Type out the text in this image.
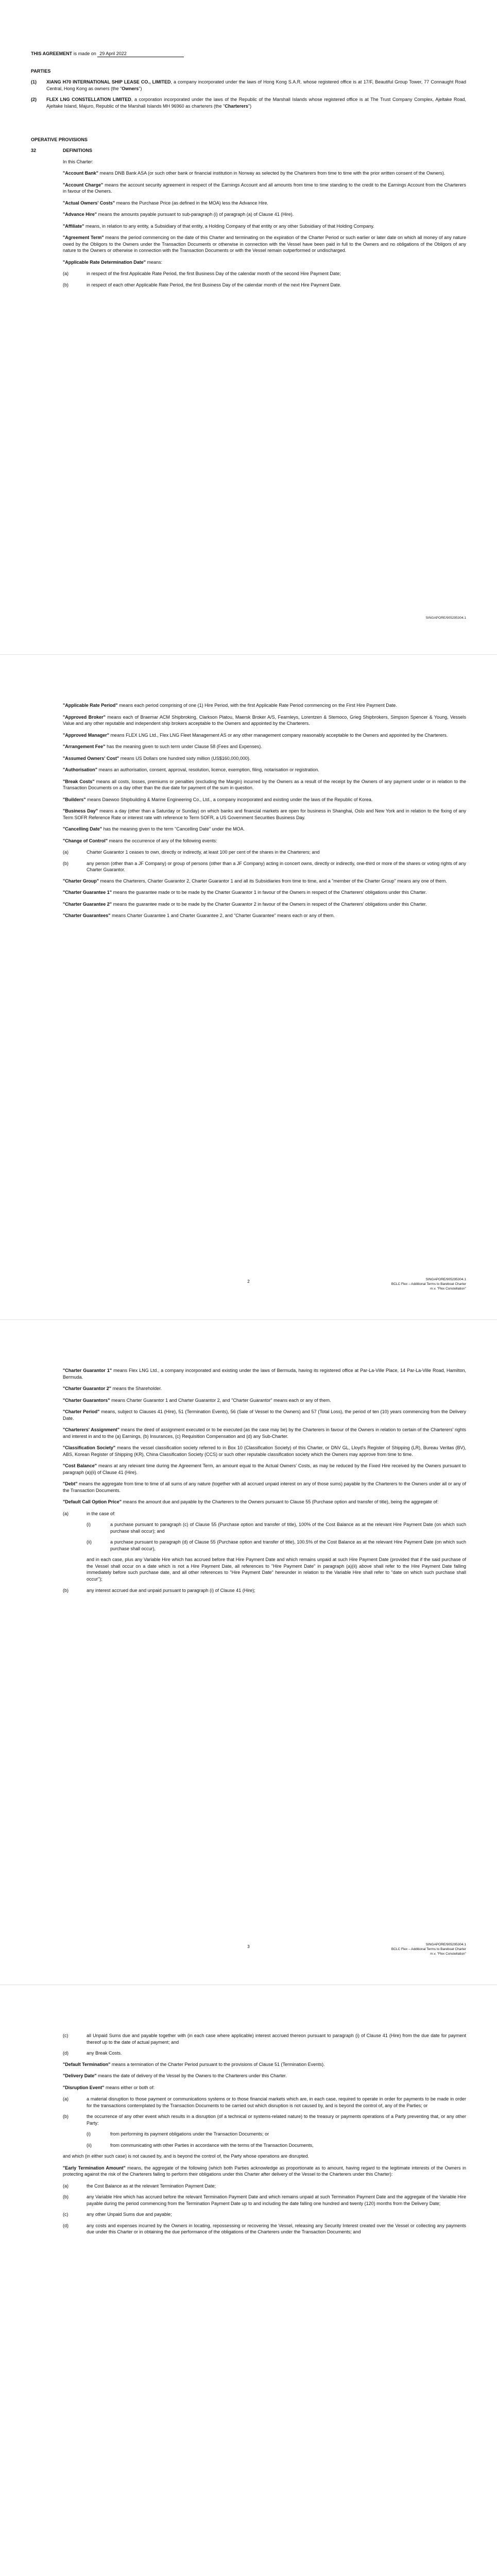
THIS AGREEMENT is made on 29 April 2022

PARTIES
(1)	XIANG H70 INTERNATIONAL SHIP LEASE CO., LIMITED, a company incorporated under the laws of Hong Kong S.A.R. whose registered office is at 17/F, Beautiful Group Tower, 77 Connaught Road Central, Hong Kong as owners (the "Owners")
(2)	FLEX LNG CONSTELLATION LIMITED, a corporation incorporated under the laws of the Republic of the Marshall Islands whose registered office is at The Trust Company Complex, Ajeltake Road, Ajeltake Island, Majuro, Republic of the Marshall Islands MH 96960 as charterers (the "Charterers")
OPERATIVE PROVISIONS
32	DEFINITIONS

In this Charter:

"Account Bank" means DNB Bank ASA (or such other bank or financial institution in Norway as selected by the Charterers from time to time with the prior written consent of the Owners).

"Account Charge" means the account security agreement in respect of the Earnings Account and all amounts from time to time standing to the credit to the Earnings Account from the Charterers in favour of the Owners.

"Actual Owners' Costs" means the Purchase Price (as defined in the MOA) less the Advance Hire.

"Advance Hire" means the amounts payable pursuant to sub-paragraph (i) of paragraph (a) of Clause 41 (Hire).

"Affiliate" means, in relation to any entity, a Subsidiary of that entity, a Holding Company of that entity or any other Subsidiary of that Holding Company.

"Agreement Term" means the period commencing on the date of this Charter and terminating on the expiration of the Charter Period or such earlier or later date on which all money of any nature owed by the Obligors to the Owners under the Transaction Documents or otherwise in connection with the Vessel have been paid in full to the Owners and no obligations of the Obligors of any nature to the Owners or otherwise in connection with the Transaction Documents or with the Vessel remain outperformed or undischarged.

"Applicable Rate Determination Date" means:

(a)	in respect of the first Applicable Rate Period, the first Business Day of the calendar month of the second Hire Payment Date;
(b)	in respect of each other Applicable Rate Period, the first Business Day of the calendar month of the next Hire Payment Date.
SINGAPORE/905295304.1

"Applicable Rate Period" means each period comprising of one (1) Hire Period, with the first Applicable Rate Period commencing on the First Hire Payment Date.

"Approved Broker" means each of Braemar ACM Shipbroking, Clarkson Platou, Maersk Broker A/S, Fearnleys, Lorentzen & Stemoco, Grieg Shipbrokers, Simpson Spencer & Young, Vessels Value and any other reputable and independent ship brokers acceptable to the Owners and appointed by the Charterers.

"Approved Manager" means FLEX LNG Ltd., Flex LNG Fleet Management AS or any other management company reasonably acceptable to the Owners and appointed by the Charterers.

"Arrangement Fee" has the meaning given to such term under Clause 58 (Fees and Expenses).

"Assumed Owners' Cost" means US Dollars one hundred sixty million (US$160,000,000).

"Authorisation" means an authorisation, consent, approval, resolution, licence, exemption, filing, notarisation or registration.

"Break Costs" means all costs, losses, premiums or penalties (excluding the Margin) incurred by the Owners as a result of the receipt by the Owners of any payment under or in relation to the Transaction Documents on a day other than the due date for payment of the sum in question.

"Builders" means Daewoo Shipbuilding & Marine Engineering Co., Ltd., a company incorporated and existing under the laws of the Republic of Korea.

"Business Day" means a day (other than a Saturday or Sunday) on which banks and financial markets are open for business in Shanghai, Oslo and New York and in relation to the fixing of any Term SOFR Reference Rate or interest rate with reference to Term SOFR, a US Government Securities Business Day.

"Cancelling Date" has the meaning given to the term "Cancelling Date" under the MOA.

"Change of Control" means the occurrence of any of the following events:

(a)	Charter Guarantor 1 ceases to own, directly or indirectly, at least 100 per cent of the shares in the Charterers; and
(b)	any person (other than a JF Company) or group of persons (other than a JF Company) acting in concert owns, directly or indirectly, one-third or more of the shares or voting rights of any Charter Guarantor.

"Charter Group" means the Charterers, Charter Guarantor 2, Charter Guarantor 1 and all its Subsidiaries from time to time, and a "member of the Charter Group" means any one of them.

"Charter Guarantee 1" means the guarantee made or to be made by the Charter Guarantor 1 in favour of the Owners in respect of the Charterers' obligations under this Charter.

"Charter Guarantee 2" means the guarantee made or to be made by the Charter Guarantor 2 in favour of the Owners in respect of the Charterers' obligations under this Charter.

"Charter Guarantees" means Charter Guarantee 1 and Charter Guarantee 2, and "Charter Guarantee" means each or any of them.

2	SINGAPORE/905295304.1
BCLC Flex – Additional Terms to Bareboat Charter
m.v. "Flex Constellation"

"Charter Guarantor 1" means Flex LNG Ltd., a company incorporated and existing under the laws of Bermuda, having its registered office at Par-La-Ville Place, 14 Par-La-Ville Road, Hamilton, Bermuda.

"Charter Guarantor 2" means the Shareholder.

"Charter Guarantors" means Charter Guarantor 1 and Charter Guarantor 2, and "Charter Guarantor" means each or any of them.

"Charter Period" means, subject to Clauses 41 (Hire), 51 (Termination Events), 56 (Sale of Vessel to the Owners) and 57 (Total Loss), the period of ten (10) years commencing from the Delivery Date.

"Charterers' Assignment" means the deed of assignment executed or to be executed (as the case may be) by the Charterers in favour of the Owners in relation to certain of the Charterers' rights and interest in and to the (a) Earnings, (b) Insurances, (c) Requisition Compensation and (d) any Sub-Charter.

"Classification Society" means the vessel classification society referred to in Box 10 (Classification Society) of this Charter, or DNV GL, Lloyd's Register of Shipping (LR), Bureau Veritas (BV), ABS, Korean Register of Shipping (KR), China Classification Society (CCS) or such other reputable classification society which the Owners may approve from time to time.

"Cost Balance" means at any relevant time during the Agreement Term, an amount equal to the Actual Owners' Costs, as may be reduced by the Fixed Hire received by the Owners pursuant to paragraph (a)(ii) of Clause 41 (Hire).

"Debt" means the aggregate from time to time of all sums of any nature (together with all accrued unpaid interest on any of those sums) payable by the Charterers to the Owners under all or any of the Transaction Documents.

"Default Call Option Price" means the amount due and payable by the Charterers to the Owners pursuant to Clause 55 (Purchase option and transfer of title), being the aggregate of:

(a)	in the case of:
(i)	a purchase pursuant to paragraph (c) of Clause 55 (Purchase option and transfer of title), 100% of the Cost Balance as at the relevant Hire Payment Date (on which such purchase shall occur); and
(ii)	a purchase pursuant to paragraph (d) of Clause 55 (Purchase option and transfer of title), 100.5% of the Cost Balance as at the relevant Hire Payment Date (on which such purchase shall occur),

and in each case, plus any Variable Hire which has accrued before that Hire Payment Date and which remains unpaid at such Hire Payment Date (provided that if the said purchase of the Vessel shall occur on a date which is not a Hire Payment Date, all references to "Hire Payment Date" in paragraph (a)(ii) above shall refer to the Hire Payment Date falling immediately before such purchase date, and all other references to "Hire Payment Date" hereunder in relation to the Variable Hire shall refer to "date on which such purchase shall occur");

(b)	any interest accrued due and unpaid pursuant to paragraph (i) of Clause 41 (Hire);
3	SINGAPORE/905295304.1
BCLC Flex – Additional Terms to Bareboat Charter
m.v. "Flex Constellation"
(c)	all Unpaid Sums due and payable together with (in each case where applicable) interest accrued thereon pursuant to paragraph (i) of Clause 41 (Hire) from the due date for payment thereof up to the date of actual payment; and
(d)	any Break Costs.

"Default Termination" means a termination of the Charter Period pursuant to the provisions of Clause 51 (Termination Events).

"Delivery Date" means the date of delivery of the Vessel by the Owners to the Charterers under this Charter.

"Disruption Event" means either or both of:

(a)	a material disruption to those payment or communications systems or to those financial markets which are, in each case, required to operate in order for payments to be made in order for the transactions contemplated by the Transaction Documents to be carried out which disruption is not caused by, and is beyond the control of, any of the Parties; or
(b)	the occurrence of any other event which results in a disruption (of a technical or systems-related nature) to the treasury or payments operations of a Party preventing that, or any other Party:
(i)	from performing its payment obligations under the Transaction Documents; or
(ii)	from communicating with other Parties in accordance with the terms of the Transaction Documents,

and which (in either such case) is not caused by, and is beyond the control of, the Party whose operations are disrupted.

"Early Termination Amount" means, the aggregate of the following (which both Parties acknowledge as proportionate as to amount, having regard to the legitimate interests of the Owners in protecting against the risk of the Charterers failing to perform their obligations under this Charter after delivery of the Vessel to the Charterers under this Charter):

(a)	the Cost Balance as at the relevant Termination Payment Date;
(b)	any Variable Hire which has accrued before the relevant Termination Payment Date and which remains unpaid at such Termination Payment Date and the aggregate of the Variable Hire payable during the period commencing from the Termination Payment Date up to and including the date falling one hundred and twenty (120) months from the Delivery Date;
(c)	any other Unpaid Sums due and payable;
(d)	any costs and expenses incurred by the Owners in locating, repossessing or recovering the Vessel, releasing any Security Interest created over the Vessel or collecting any payments due under this Charter or in obtaining the due performance of the obligations of the Charterers under the Transaction Documents; and
